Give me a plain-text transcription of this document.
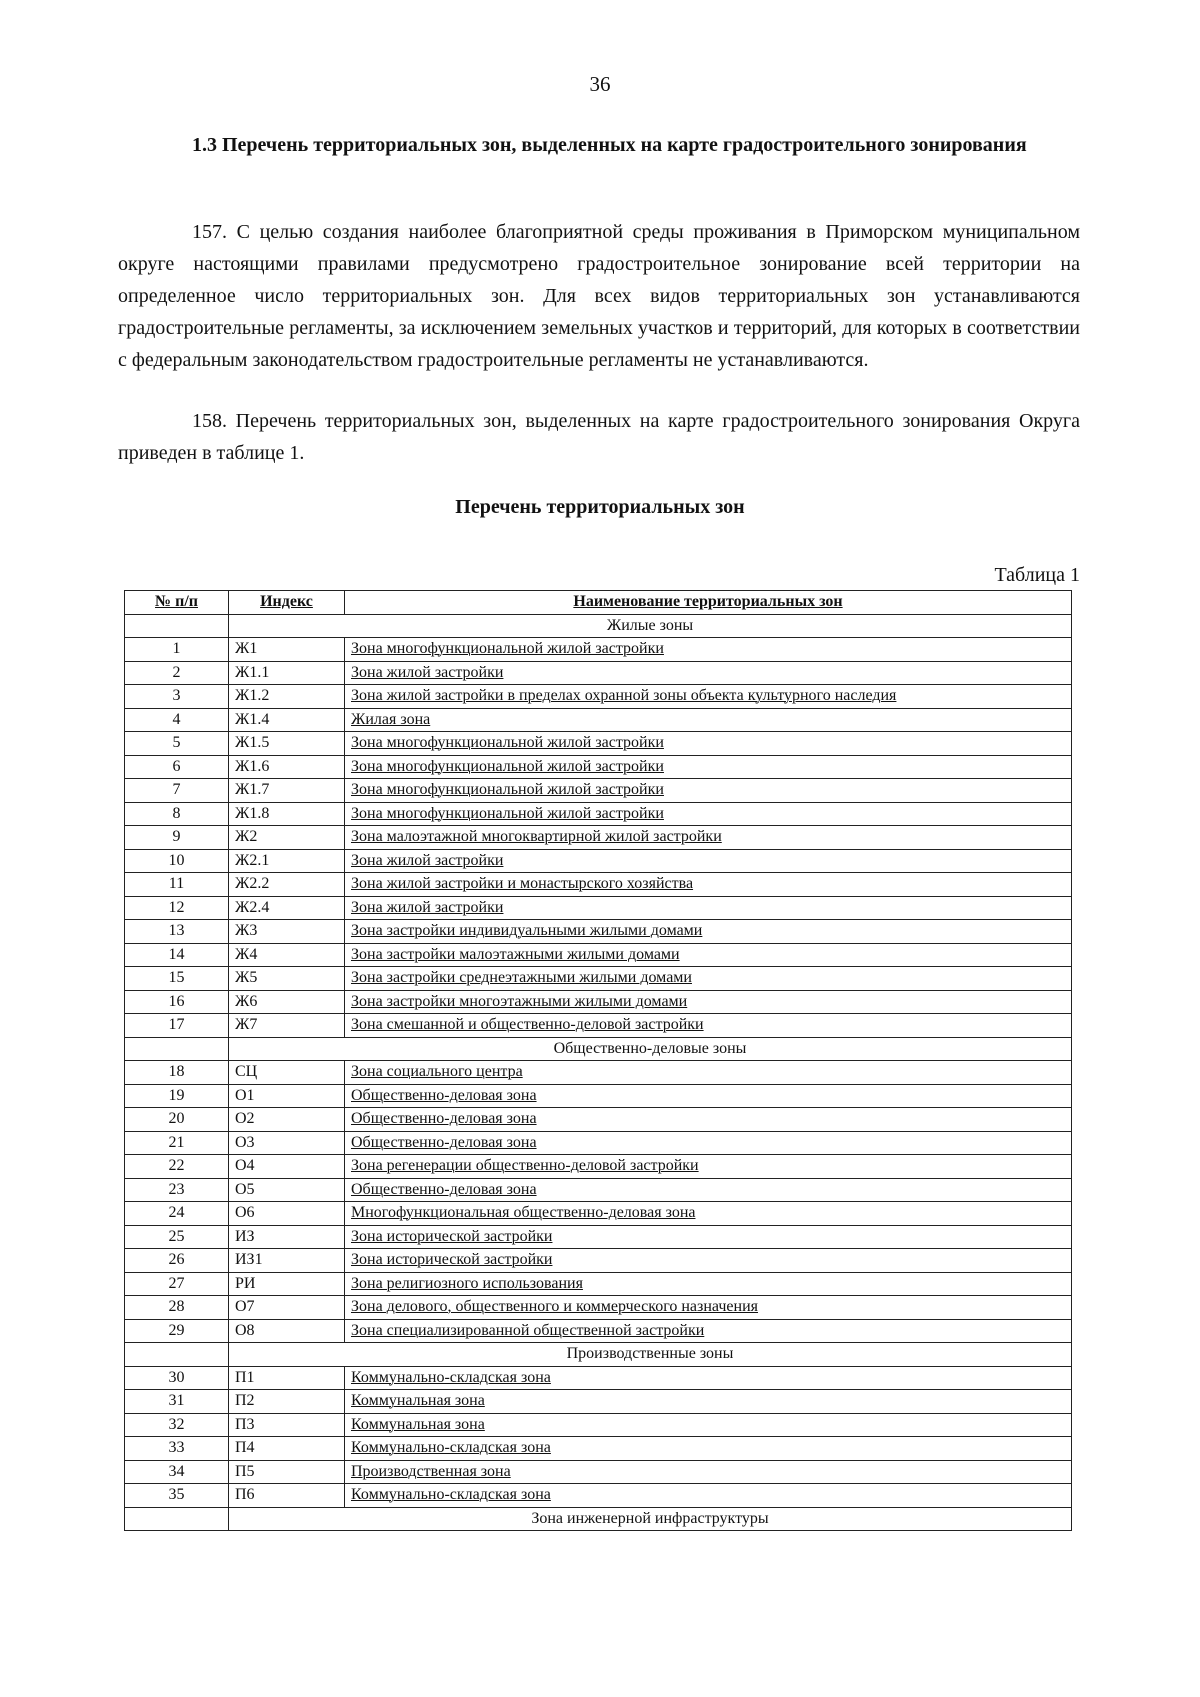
36
1.3 Перечень территориальных зон, выделенных на карте градостроительного зонирования
157. С целью создания наиболее благоприятной среды проживания в Приморском муниципальном округе настоящими правилами предусмотрено градостроительное зонирование всей территории на определенное число территориальных зон. Для всех видов территориальных зон устанавливаются градостроительные регламенты, за исключением земельных участков и территорий, для которых в соответствии с федеральным законодательством градостроительные регламенты не устанавливаются.
158. Перечень территориальных зон, выделенных на карте градостроительного зонирования Округа приведен в таблице 1.
Перечень территориальных зон
Таблица 1
№ п/п	Индекс	Наименование территориальных зон
	Жилые зоны	
1	Ж1	Зона многофункциональной жилой застройки
2	Ж1.1	Зона жилой застройки
3	Ж1.2	Зона жилой застройки в пределах охранной зоны объекта культурного наследия
4	Ж1.4	Жилая зона
5	Ж1.5	Зона многофункциональной жилой застройки
6	Ж1.6	Зона многофункциональной жилой застройки
7	Ж1.7	Зона многофункциональной жилой застройки
8	Ж1.8	Зона многофункциональной жилой застройки
9	Ж2	Зона малоэтажной многоквартирной жилой застройки
10	Ж2.1	Зона жилой застройки
11	Ж2.2	Зона жилой застройки и монастырского хозяйства
12	Ж2.4	Зона жилой застройки
13	Ж3	Зона застройки индивидуальными жилыми домами
14	Ж4	Зона застройки малоэтажными жилыми домами
15	Ж5	Зона застройки среднеэтажными жилыми домами
16	Ж6	Зона застройки многоэтажными жилыми домами
17	Ж7	Зона смешанной и общественно-деловой застройки
	Общественно-деловые зоны	
18	СЦ	Зона социального центра
19	О1	Общественно-деловая зона
20	О2	Общественно-деловая зона
21	О3	Общественно-деловая зона
22	О4	Зона регенерации общественно-деловой застройки
23	О5	Общественно-деловая зона
24	О6	Многофункциональная общественно-деловая зона
25	ИЗ	Зона исторической застройки
26	ИЗ1	Зона исторической застройки
27	РИ	Зона религиозного использования
28	О7	Зона делового, общественного и коммерческого назначения
29	О8	Зона специализированной общественной застройки
	Производственные зоны	
30	П1	Коммунально-складская зона
31	П2	Коммунальная зона
32	П3	Коммунальная зона
33	П4	Коммунально-складская зона
34	П5	Производственная зона
35	П6	Коммунально-складская зона
	Зона инженерной инфраструктуры	
